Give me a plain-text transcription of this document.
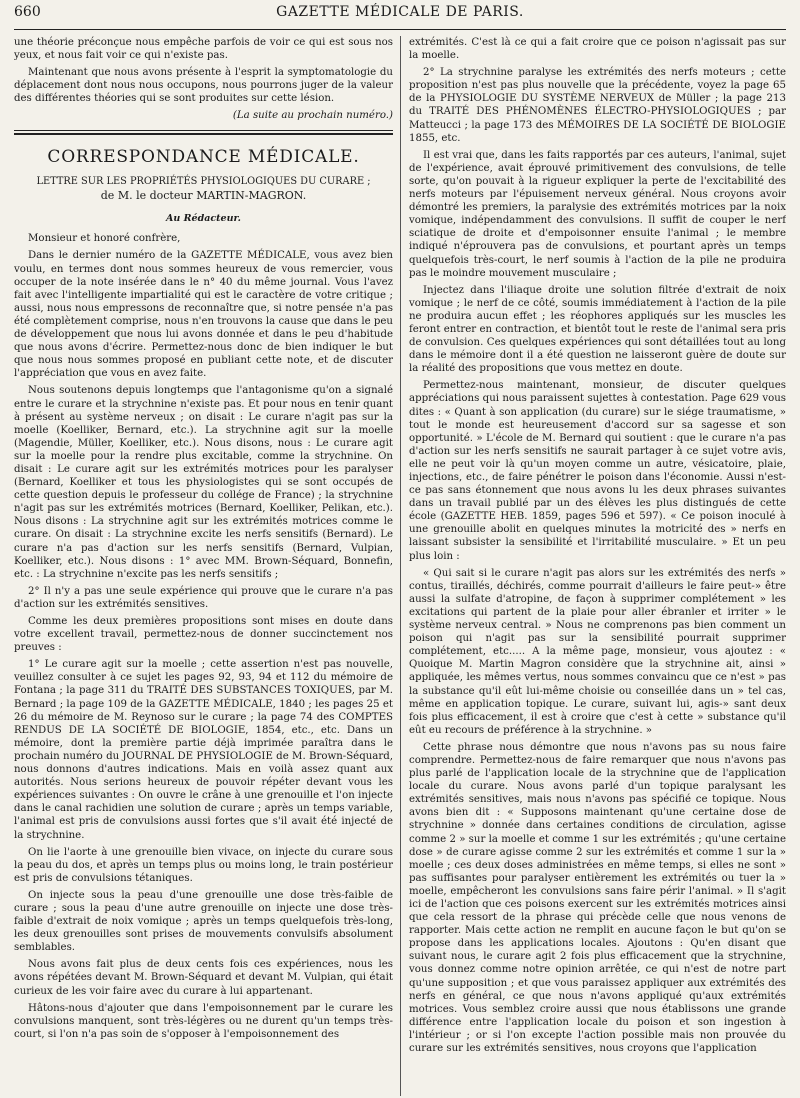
660	GAZETTE MÉDICALE DE PARIS.

une théorie préconçue nous empêche parfois de voir ce qui est sous nos yeux, et nous fait voir ce qui n'existe pas.

Maintenant que nous avons présente à l'esprit la symptomatologie du déplacement dont nous nous occupons, nous pourrons juger de la valeur des différentes théories qui se sont produites sur cette lésion.

(La suite au prochain numéro.)
CORRESPONDANCE MÉDICALE.
LETTRE SUR LES PROPRIÉTÉS PHYSIOLOGIQUES DU CURARE ;
de M. le docteur MARTIN-MAGRON.
Au Rédacteur.
Monsieur et honoré confrère,

Dans le dernier numéro de la GAZETTE MÉDICALE, vous avez bien voulu, en termes dont nous sommes heureux de vous remercier, vous occuper de la note insérée dans le n° 40 du même journal. Vous l'avez fait avec l'intelligente impartialité qui est le caractère de votre critique ; aussi, nous nous empressons de reconnaître que, si notre pensée n'a pas été complètement comprise, nous n'en trouvons la cause que dans le peu de développement que nous lui avons donnée et dans le peu d'habitude que nous avons d'écrire. Permettez-nous donc de bien indiquer le but que nous nous sommes proposé en publiant cette note, et de discuter l'appréciation que vous en avez faite.

Nous soutenons depuis longtemps que l'antagonisme qu'on a signalé entre le curare et la strychnine n'existe pas. Et pour nous en tenir quant à présent au système nerveux ; on disait : Le curare n'agit pas sur la moelle (Koelliker, Bernard, etc.). La strychnine agit sur la moelle (Magendie, Müller, Koelliker, etc.). Nous disons, nous : Le curare agit sur la moelle pour la rendre plus excitable, comme la strychnine. On disait : Le curare agit sur les extrémités motrices pour les paralyser (Bernard, Koelliker et tous les physiologistes qui se sont occupés de cette question depuis le professeur du collége de France) ; la strychnine n'agit pas sur les extrémités motrices (Bernard, Koelliker, Pelikan, etc.). Nous disons : La strychnine agit sur les extrémités motrices comme le curare. On disait : La strychnine excite les nerfs sensitifs (Bernard). Le curare n'a pas d'action sur les nerfs sensitifs (Bernard, Vulpian, Koelliker, etc.). Nous disons : 1° avec MM. Brown-Séquard, Bonnefin, etc. : La strychnine n'excite pas les nerfs sensitifs ;

2° Il n'y a pas une seule expérience qui prouve que le curare n'a pas d'action sur les extrémités sensitives.

Comme les deux premières propositions sont mises en doute dans votre excellent travail, permettez-nous de donner succinctement nos preuves :

1° Le curare agit sur la moelle ; cette assertion n'est pas nouvelle, veuillez consulter à ce sujet les pages 92, 93, 94 et 112 du mémoire de Fontana ; la page 311 du TRAITÉ DES SUBSTANCES TOXIQUES, par M. Bernard ; la page 109 de la GAZETTE MÉDICALE, 1840 ; les pages 25 et 26 du mémoire de M. Reynoso sur le curare ; la page 74 des COMPTES RENDUS DE LA SOCIÉTÉ DE BIOLOGIE, 1854, etc., etc. Dans un mémoire, dont la première partie déjà imprimée paraîtra dans le prochain numéro du JOURNAL DE PHYSIOLOGIE de M. Brown-Séquard, nous donnons d'autres indications. Mais en voilà assez quant aux autorités. Nous serions heureux de pouvoir répéter devant vous les expériences suivantes : On ouvre le crâne à une grenouille et l'on injecte dans le canal rachidien une solution de curare ; après un temps variable, l'animal est pris de convulsions aussi fortes que s'il avait été injecté de la strychnine.

On lie l'aorte à une grenouille bien vivace, on injecte du curare sous la peau du dos, et après un temps plus ou moins long, le train postérieur est pris de convulsions tétaniques.

On injecte sous la peau d'une grenouille une dose très-faible de curare ; sous la peau d'une autre grenouille on injecte une dose très-faible d'extrait de noix vomique ; après un temps quelquefois très-long, les deux grenouilles sont prises de mouvements convulsifs absolument semblables.

Nous avons fait plus de deux cents fois ces expériences, nous les avons répétées devant M. Brown-Séquard et devant M. Vulpian, qui était curieux de les voir faire avec du curare à lui appartenant.

Hâtons-nous d'ajouter que dans l'empoisonnement par le curare les convulsions manquent, sont très-légères ou ne durent qu'un temps très-court, si l'on n'a pas soin de s'opposer à l'empoisonnement des

extrémités. C'est là ce qui a fait croire que ce poison n'agissait pas sur la moelle.

2° La strychnine paralyse les extrémités des nerfs moteurs ; cette proposition n'est pas plus nouvelle que la précédente, voyez la page 65 de la PHYSIOLOGIE DU SYSTÈME NERVEUX de Müller ; la page 213 du TRAITÉ DES PHÉNOMÈNES ÉLECTRO-PHYSIOLOGIQUES ; par Matteucci ; la page 173 des MÉMOIRES DE LA SOCIÉTÉ DE BIOLOGIE 1855, etc.

Il est vrai que, dans les faits rapportés par ces auteurs, l'animal, sujet de l'expérience, avait éprouvé primitivement des convulsions, de telle sorte, qu'on pouvait à la rigueur expliquer la perte de l'excitabilité des nerfs moteurs par l'épuisement nerveux général. Nous croyons avoir démontré les premiers, la paralysie des extrémités motrices par la noix vomique, indépendamment des convulsions. Il suffit de couper le nerf sciatique de droite et d'empoisonner ensuite l'animal ; le membre indiqué n'éprouvera pas de convulsions, et pourtant après un temps quelquefois très-court, le nerf soumis à l'action de la pile ne produira pas le moindre mouvement musculaire ;

Injectez dans l'iliaque droite une solution filtrée d'extrait de noix vomique ; le nerf de ce côté, soumis immédiatement à l'action de la pile ne produira aucun effet ; les réophores appliqués sur les muscles les feront entrer en contraction, et bientôt tout le reste de l'animal sera pris de convulsion. Ces quelques expériences qui sont détaillées tout au long dans le mémoire dont il a été question ne laisseront guère de doute sur la réalité des propositions que vous mettez en doute.

Permettez-nous maintenant, monsieur, de discuter quelques appréciations qui nous paraissent sujettes à contestation. Page 629 vous dites : « Quant à son application (du curare) sur le siége traumatisme, » tout le monde est heureusement d'accord sur sa sagesse et son opportunité. » L'école de M. Bernard qui soutient : que le curare n'a pas d'action sur les nerfs sensitifs ne saurait partager à ce sujet votre avis, elle ne peut voir là qu'un moyen comme un autre, vésicatoire, plaie, injections, etc., de faire pénétrer le poison dans l'économie. Aussi n'est-ce pas sans étonnement que nous avons lu les deux phrases suivantes dans un travail publié par un des élèves les plus distingués de cette école (GAZETTE HEB. 1859, pages 596 et 597). « Ce poison inoculé à une grenouille abolit en quelques minutes la motricité des » nerfs en laissant subsister la sensibilité et l'irritabilité musculaire. » Et un peu plus loin :

« Qui sait si le curare n'agit pas alors sur les extrémités des nerfs » contus, tiraillés, déchirés, comme pourrait d'ailleurs le faire peut-» être aussi la sulfate d'atropine, de façon à supprimer complétement » les excitations qui partent de la plaie pour aller ébranler et irriter » le système nerveux central. » Nous ne comprenons pas bien comment un poison qui n'agit pas sur la sensibilité pourrait supprimer complétement, etc..... A la même page, monsieur, vous ajoutez : « Quoique M. Martin Magron considère que la strychnine ait, ainsi » appliquée, les mêmes vertus, nous sommes convaincu que ce n'est » pas la substance qu'il eût lui-même choisie ou conseillée dans un » tel cas, même en application topique. Le curare, suivant lui, agis-» sant deux fois plus efficacement, il est à croire que c'est à cette » substance qu'il eût eu recours de préférence à la strychnine. »

Cette phrase nous démontre que nous n'avons pas su nous faire comprendre. Permettez-nous de faire remarquer que nous n'avons pas plus parlé de l'application locale de la strychnine que de l'application locale du curare. Nous avons parlé d'un topique paralysant les extrémités sensitives, mais nous n'avons pas spécifié ce topique. Nous avons bien dit : « Supposons maintenant qu'une certaine dose de strychnine » donnée dans certaines conditions de circulation, agisse comme 2 » sur la moelle et comme 1 sur les extrémités ; qu'une certaine dose » de curare agisse comme 2 sur les extrémités et comme 1 sur la » moelle ; ces deux doses administrées en même temps, si elles ne sont » pas suffisantes pour paralyser entièrement les extrémités ou tuer la » moelle, empêcheront les convulsions sans faire périr l'animal. » Il s'agit ici de l'action que ces poisons exercent sur les extrémités motrices ainsi que cela ressort de la phrase qui précède celle que nous venons de rapporter. Mais cette action ne remplit en aucune façon le but qu'on se propose dans les applications locales. Ajoutons : Qu'en disant que suivant nous, le curare agit 2 fois plus efficacement que la strychnine, vous donnez comme notre opinion arrêtée, ce qui n'est de notre part qu'une supposition ; et que vous paraissez appliquer aux extrémités des nerfs en général, ce que nous n'avons appliqué qu'aux extrémités motrices. Vous semblez croire aussi que nous établissons une grande différence entre l'application locale du poison et son ingestion à l'intérieur ; or si l'on excepte l'action possible mais non prouvée du curare sur les extrémités sensitives, nous croyons que l'application
